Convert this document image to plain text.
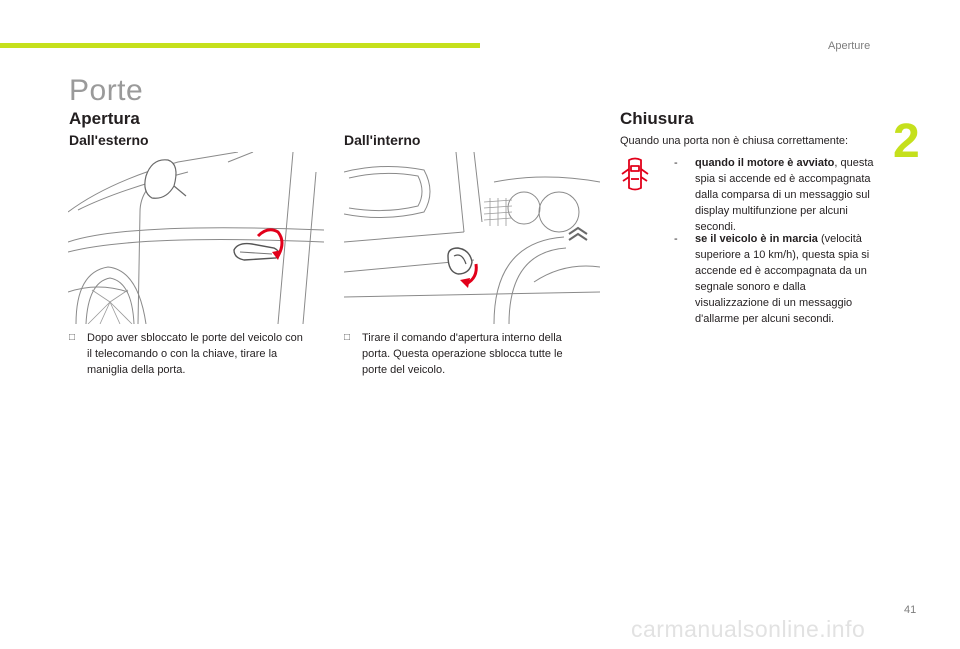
Aperture
2
Porte
Apertura
Dall'esterno	Dall'interno
Chiusura
Quando una porta non è chiusa correttamente:
- quando il motore è avviato, questa spia si accende ed è accompagnata dalla comparsa di un messaggio sul display multifunzione per alcuni secondi.
- se il veicolo è in marcia (velocità superiore a 10 km/h), questa spia si accende ed è accompagnata da un segnale sonoro e dalla visualizzazione di un messaggio d'allarme per alcuni secondi.
□ Dopo aver sbloccato le porte del veicolo con il telecomando o con la chiave, tirare la maniglia della porta.
□ Tirare il comando d'apertura interno della porta. Questa operazione sblocca tutte le porte del veicolo.
41
carmanualsonline.info
